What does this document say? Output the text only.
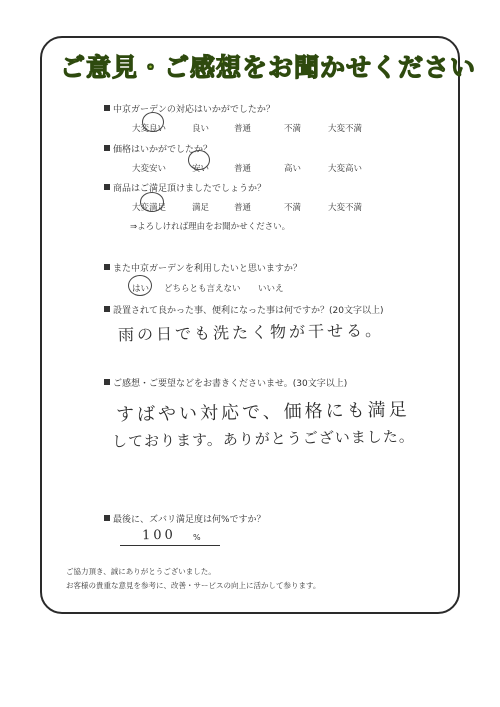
ご意見・ご感想をお聞かせください
中京ガーデンの対応はいかがでしたか？
大変良い	良い	普通	不満	大変不満
価格はいかがでしたか？
大変安い	安い	普通	高い	大変高い
商品はご満足頂けましたでしょうか？
大変満足	満足	普通	不満	大変不満
⇒よろしければ理由をお聞かせください。
また中京ガーデンを利用したいと思いますか？
はい どちらとも言えない いいえ
設置されて良かった事、便利になった事は何ですか？(20文字以上)
雨の日でも洗たく物が干せる。
ご感想・ご要望などをお書きくださいませ。(30文字以上)
すばやい対応で、価格にも満足
しております。ありがとうございました。
最後に、ズバリ満足度は何%ですか？
100 %
ご協力頂き、誠にありがとうございました。
お客様の貴重な意見を参考に、改善・サービスの向上に活かして参ります。
